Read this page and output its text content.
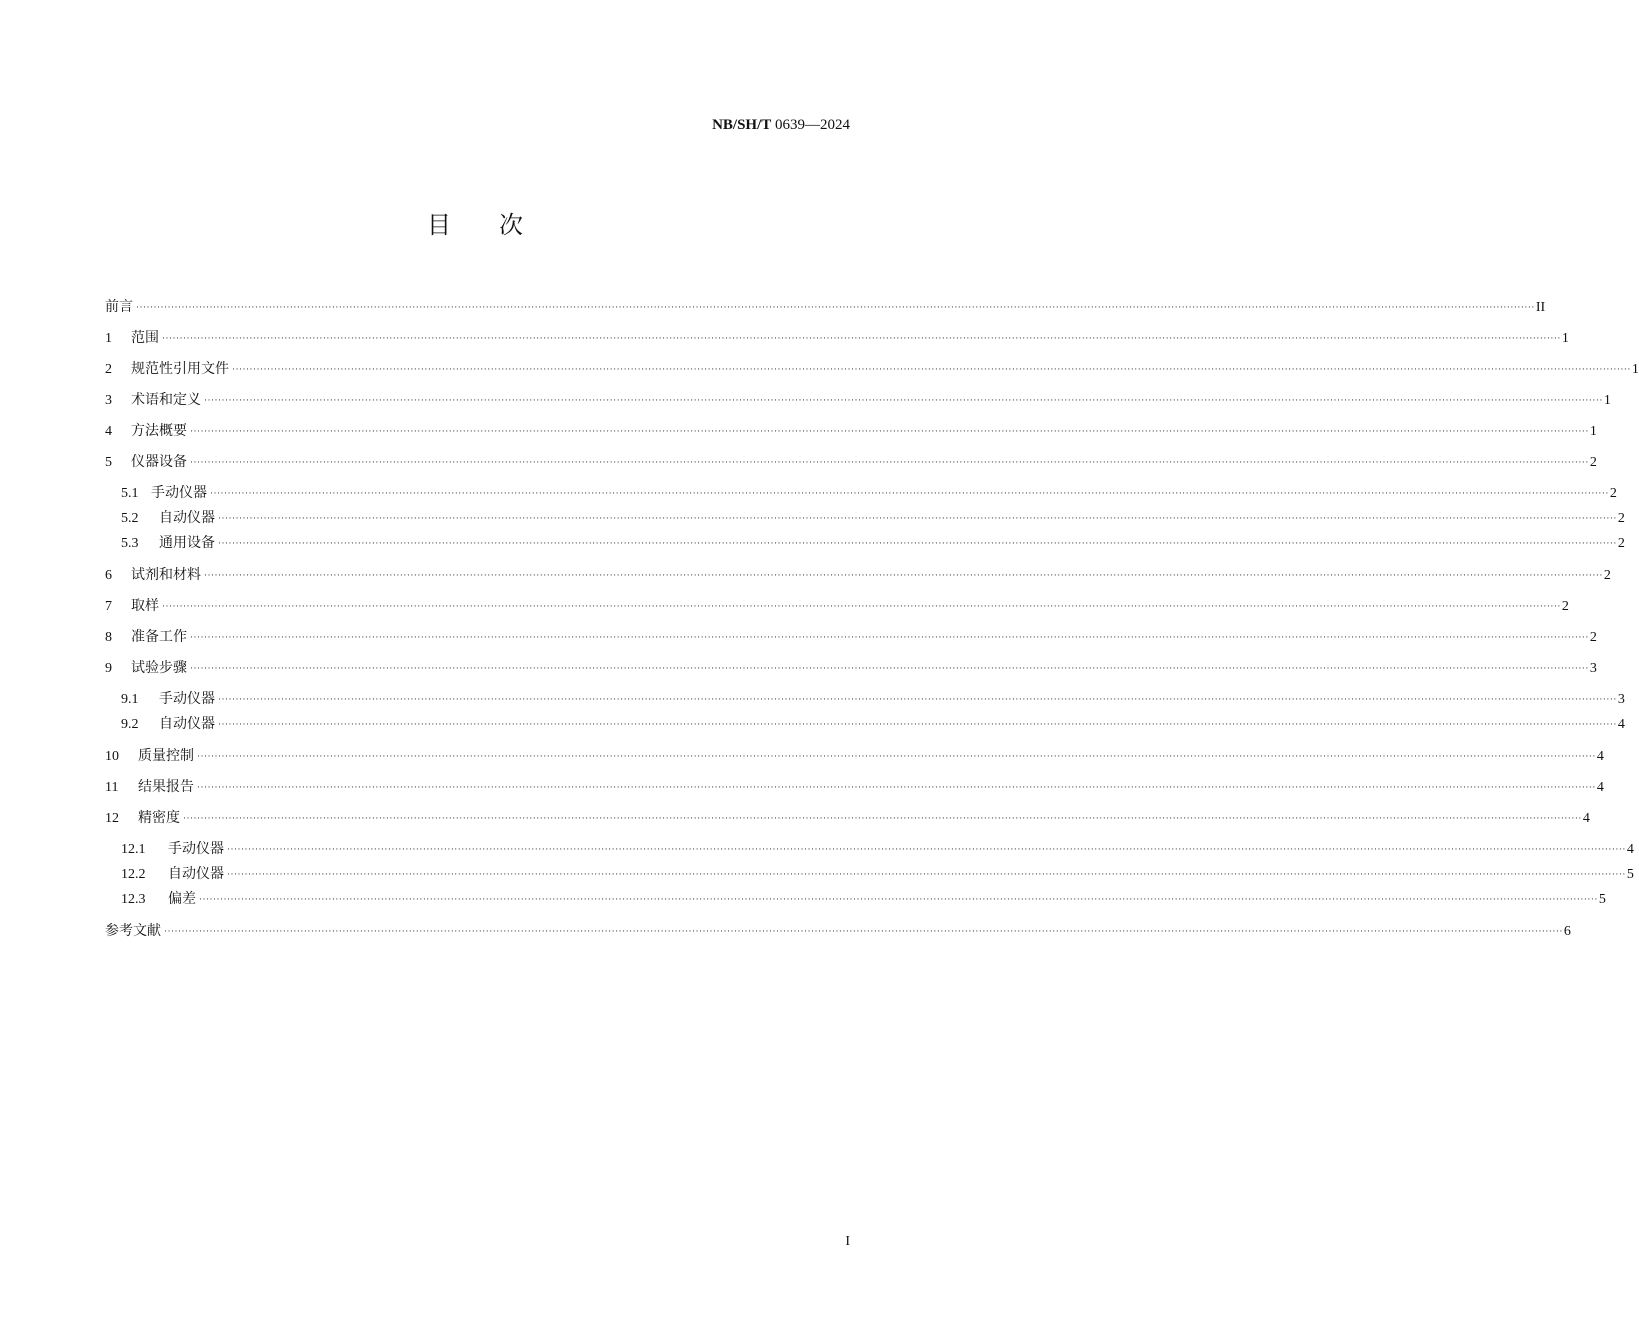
NB/SH/T 0639—2024
目次
前言 ················································································································································································································································································································································································································ II
1	范围 ················································································································································································································································································································································································································ 1
2	规范性引用文件 ················································································································································································································································································································································································································ 1
3	术语和定义 ················································································································································································································································································································································································································ 1
4	方法概要 ················································································································································································································································································································································································································ 1
5	仪器设备 ················································································································································································································································································································································································································ 2
5.1 手动仪器 ················································································································································································································································································································································································································ 2
5.2	自动仪器 ················································································································································································································································································································································································································ 2
5.3	通用设备 ················································································································································································································································································································································································································ 2
6	试剂和材料 ················································································································································································································································································································································································································ 2
7	取样 ················································································································································································································································································································································································································ 2
8	准备工作 ················································································································································································································································································································································································································ 2
9	试验步骤 ················································································································································································································································································································································································································ 3
9.1	手动仪器 ················································································································································································································································································································································································································ 3
9.2	自动仪器 ················································································································································································································································································································································································································ 4
10	质量控制 ················································································································································································································································································································································································································ 4
11	结果报告 ················································································································································································································································································································································································································ 4
12	精密度 ················································································································································································································································································································································································································ 4
12.1	手动仪器 ················································································································································································································································································································································································································ 4
12.2	自动仪器 ················································································································································································································································································································································································································ 5
12.3	偏差 ················································································································································································································································································································································································································ 5
参考文献 ················································································································································································································································································································································································································ 6
I
